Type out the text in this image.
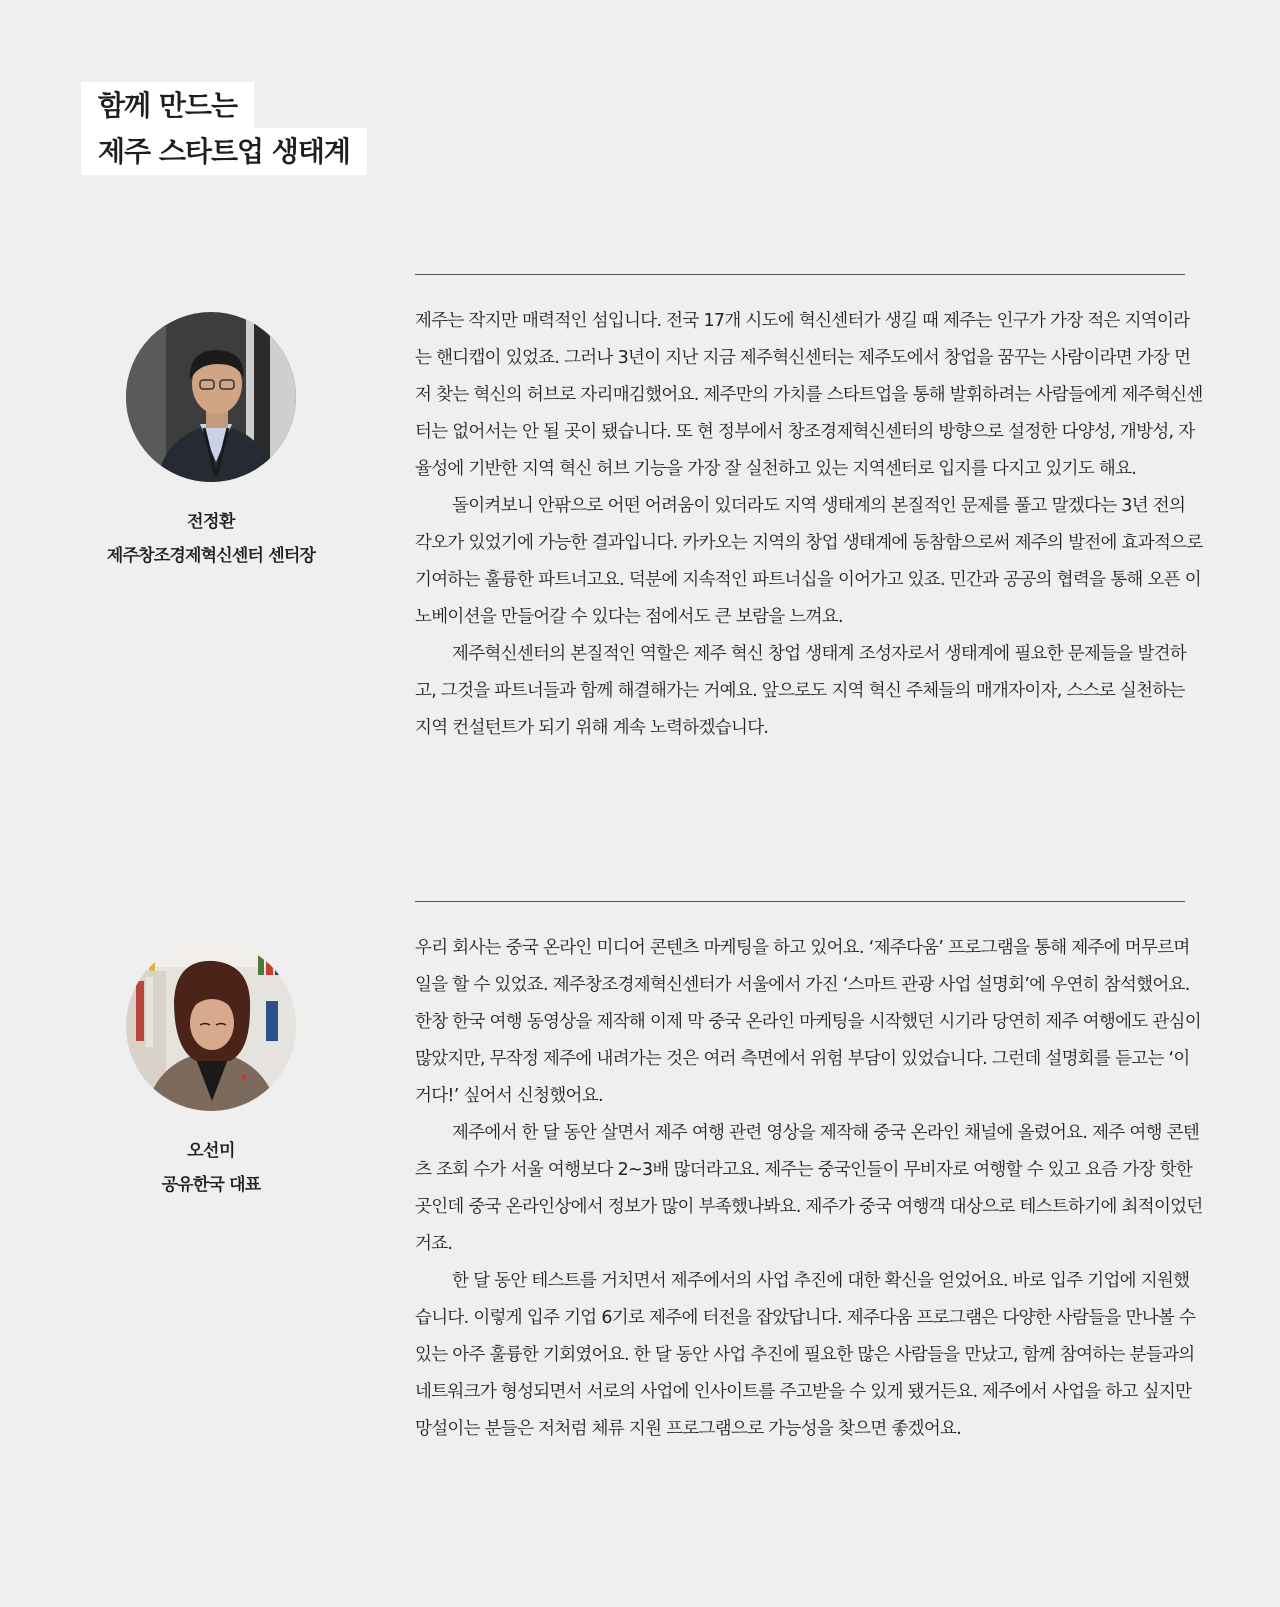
함께 만드는
제주 스타트업 생태계
전정환
제주창조경제혁신센터 센터장

제주는 작지만 매력적인 섬입니다. 전국 17개 시도에 혁신센터가 생길 때 제주는 인구가 가장 적은 지역이라는 핸디캡이 있었죠. 그러나 3년이 지난 지금 제주혁신센터는 제주도에서 창업을 꿈꾸는 사람이라면 가장 먼저 찾는 혁신의 허브로 자리매김했어요. 제주만의 가치를 스타트업을 통해 발휘하려는 사람들에게 제주혁신센터는 없어서는 안 될 곳이 됐습니다. 또 현 정부에서 창조경제혁신센터의 방향으로 설정한 다양성, 개방성, 자율성에 기반한 지역 혁신 허브 기능을 가장 잘 실천하고 있는 지역센터로 입지를 다지고 있기도 해요.

돌이켜보니 안팎으로 어떤 어려움이 있더라도 지역 생태계의 본질적인 문제를 풀고 말겠다는 3년 전의 각오가 있었기에 가능한 결과입니다. 카카오는 지역의 창업 생태계에 동참함으로써 제주의 발전에 효과적으로 기여하는 훌륭한 파트너고요. 덕분에 지속적인 파트너십을 이어가고 있죠. 민간과 공공의 협력을 통해 오픈 이노베이션을 만들어갈 수 있다는 점에서도 큰 보람을 느껴요.

제주혁신센터의 본질적인 역할은 제주 혁신 창업 생태계 조성자로서 생태계에 필요한 문제들을 발견하고, 그것을 파트너들과 함께 해결해가는 거예요. 앞으로도 지역 혁신 주체들의 매개자이자, 스스로 실천하는 지역 컨설턴트가 되기 위해 계속 노력하겠습니다.

오선미
공유한국 대표

우리 회사는 중국 온라인 미디어 콘텐츠 마케팅을 하고 있어요. ‘제주다움’ 프로그램을 통해 제주에 머무르며 일을 할 수 있었죠. 제주창조경제혁신센터가 서울에서 가진 ‘스마트 관광 사업 설명회’에 우연히 참석했어요. 한창 한국 여행 동영상을 제작해 이제 막 중국 온라인 마케팅을 시작했던 시기라 당연히 제주 여행에도 관심이 많았지만, 무작정 제주에 내려가는 것은 여러 측면에서 위험 부담이 있었습니다. 그런데 설명회를 듣고는 ‘이거다!’ 싶어서 신청했어요.

제주에서 한 달 동안 살면서 제주 여행 관련 영상을 제작해 중국 온라인 채널에 올렸어요. 제주 여행 콘텐츠 조회 수가 서울 여행보다 2~3배 많더라고요. 제주는 중국인들이 무비자로 여행할 수 있고 요즘 가장 핫한 곳인데 중국 온라인상에서 정보가 많이 부족했나봐요. 제주가 중국 여행객 대상으로 테스트하기에 최적이었던 거죠.

한 달 동안 테스트를 거치면서 제주에서의 사업 추진에 대한 확신을 얻었어요. 바로 입주 기업에 지원했습니다. 이렇게 입주 기업 6기로 제주에 터전을 잡았답니다. 제주다움 프로그램은 다양한 사람들을 만나볼 수 있는 아주 훌륭한 기회였어요. 한 달 동안 사업 추진에 필요한 많은 사람들을 만났고, 함께 참여하는 분들과의 네트워크가 형성되면서 서로의 사업에 인사이트를 주고받을 수 있게 됐거든요. 제주에서 사업을 하고 싶지만 망설이는 분들은 저처럼 체류 지원 프로그램으로 가능성을 찾으면 좋겠어요.
